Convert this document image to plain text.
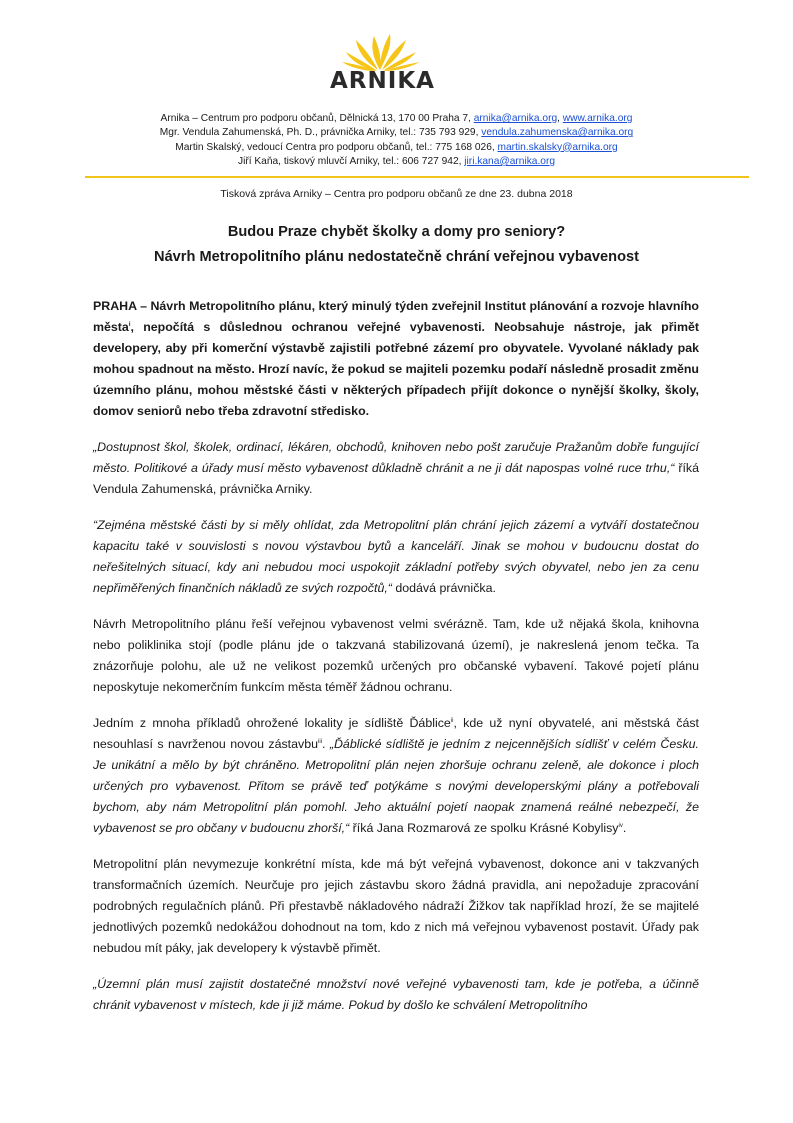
ARNIKA
Arnika – Centrum pro podporu občanů, Dělnická 13, 170 00 Praha 7, arnika@arnika.org, www.arnika.org
Mgr. Vendula Zahumenská, Ph. D., právnička Arniky, tel.: 735 793 929, vendula.zahumenska@arnika.org
Martin Skalský, vedoucí Centra pro podporu občanů, tel.: 775 168 026, martin.skalsky@arnika.org
Jiří Kaňa, tiskový mluvčí Arniky, tel.: 606 727 942, jiri.kana@arnika.org
Tisková zpráva Arniky – Centra pro podporu občanů ze dne 23. dubna 2018
Budou Praze chybět školky a domy pro seniory?
Návrh Metropolitního plánu nedostatečně chrání veřejnou vybavenost

PRAHA – Návrh Metropolitního plánu, který minulý týden zveřejnil Institut plánování a rozvoje hlavního města$^i$, nepočítá s důslednou ochranou veřejné vybavenosti. Neobsahuje nástroje, jak přimět developery, aby při komerční výstavbě zajistili potřebné zázemí pro obyvatele. Vyvolané náklady pak mohou spadnout na město. Hrozí navíc, že pokud se majiteli pozemku podaří následně prosadit změnu územního plánu, mohou městské části v některých případech přijít dokonce o nynější školky, školy, domov seniorů nebo třeba zdravotní středisko.

„Dostupnost škol, školek, ordinací, lékáren, obchodů, knihoven nebo pošt zaručuje Pražanům dobře fungující město. Politikové a úřady musí město vybavenost důkladně chránit a ne ji dát napospas volné ruce trhu,“ říká Vendula Zahumenská, právnička Arniky.

“Zejména městské části by si měly ohlídat, zda Metropolitní plán chrání jejich zázemí a vytváří dostatečnou kapacitu také v souvislosti s novou výstavbou bytů a kanceláří. Jinak se mohou v budoucnu dostat do neřešitelných situací, kdy ani nebudou moci uspokojit základní potřeby svých obyvatel, nebo jen za cenu nepřiměřených finančních nákladů ze svých rozpočtů,“ dodává právnička.

Návrh Metropolitního plánu řeší veřejnou vybavenost velmi svérázně. Tam, kde už nějaká škola, knihovna nebo poliklinika stojí (podle plánu jde o takzvaná stabilizovaná území), je nakreslená jenom tečka. Ta znázorňuje polohu, ale už ne velikost pozemků určených pro občanské vybavení. Takové pojetí plánu neposkytuje nekomerčním funkcím města téměř žádnou ochranu.

Jedním z mnoha příkladů ohrožené lokality je sídliště Ďáblice$^{ii}$, kde už nyní obyvatelé, ani městská část nesouhlasí s navrženou novou zástavbu$^{iii}$. „Ďáblické sídliště je jedním z nejcennějších sídlišť v celém Česku. Je unikátní a mělo by být chráněno. Metropolitní plán nejen zhoršuje ochranu zeleně, ale dokonce i ploch určených pro vybavenost. Přitom se právě teď potýkáme s novými developerskými plány a potřebovali bychom, aby nám Metropolitní plán pomohl. Jeho aktuální pojetí naopak znamená reálné nebezpečí, že vybavenost se pro občany v budoucnu zhorší,“ říká Jana Rozmarová ze spolku Krásné Kobylisy$^{iv}$.

Metropolitní plán nevymezuje konkrétní místa, kde má být veřejná vybavenost, dokonce ani v takzvaných transformačních územích. Neurčuje pro jejich zástavbu skoro žádná pravidla, ani nepožaduje zpracování podrobných regulačních plánů. Při přestavbě nákladového nádraží Žižkov tak například hrozí, že se majitelé jednotlivých pozemků nedokážou dohodnout na tom, kdo z nich má veřejnou vybavenost postavit. Úřady pak nebudou mít páky, jak developery k výstavbě přimět.

„Územní plán musí zajistit dostatečné množství nové veřejné vybavenosti tam, kde je potřeba, a účinně chránit vybavenost v místech, kde ji již máme. Pokud by došlo ke schválení Metropolitního
